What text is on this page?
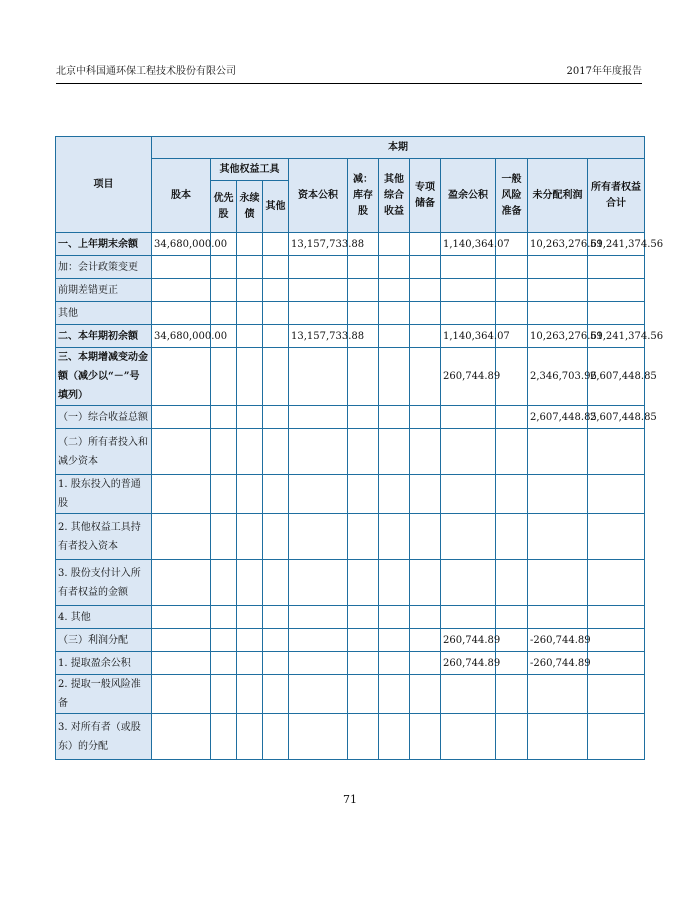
北京中科国通环保工程技术股份有限公司	2017年年度报告
项目	本期											
	股本	其他权益工具			资本公积	减：库存股	其他综合收益	专项储备	盈余公积	一般风险准备	未分配利润	所有者权益合计
		优先股	永续债	其他								
一、上年期末余额	34,680,000.00				13,157,733.88				1,140,364.07		10,263,276.61	59,241,374.56
加：会计政策变更												
前期差错更正												
其他												
二、本年期初余额	34,680,000.00				13,157,733.88				1,140,364.07		10,263,276.61	59,241,374.56
三、本期增减变动金额（减少以“－”号填列）									260,744.89		2,346,703.96	2,607,448.85
（一）综合收益总额											2,607,448.85	2,607,448.85
（二）所有者投入和减少资本												
1. 股东投入的普通股												
2. 其他权益工具持有者投入资本												
3. 股份支付计入所有者权益的金额												
4. 其他												
（三）利润分配									260,744.89		-260,744.89	
1. 提取盈余公积									260,744.89		-260,744.89	
2. 提取一般风险准备												
3. 对所有者（或股东）的分配												
71
